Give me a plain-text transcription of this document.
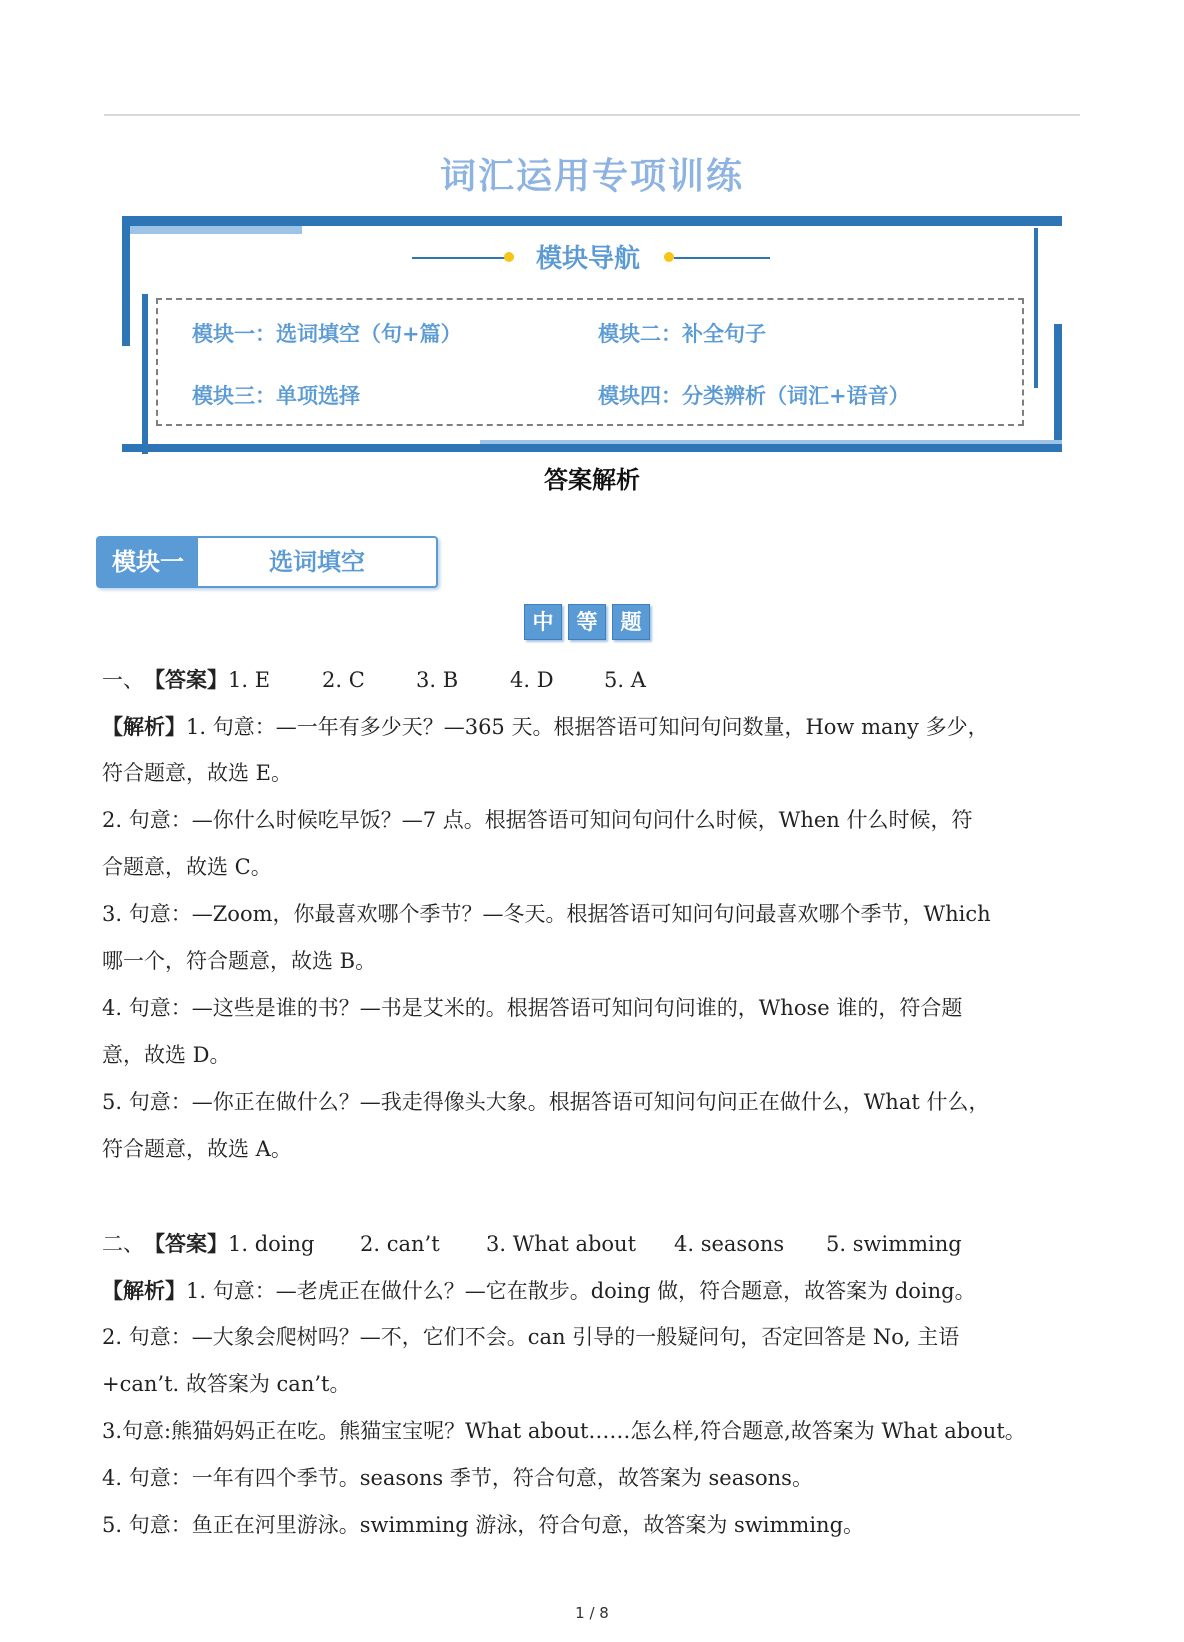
词汇运用专项训练
模块导航
模块一：选词填空（句+篇）	模块二：补全句子
模块三：单项选择	模块四：分类辨析（词汇+语音）
答案解析
模块一	选词填空
中	等	题
一、【答案】1. E 2. C 3. B 4. D 5. A
【解析】1. 句意：—一年有多少天？—365 天。根据答语可知问句问数量，How many 多少，
符合题意，故选 E。
2. 句意：—你什么时候吃早饭？—7 点。根据答语可知问句问什么时候，When 什么时候，符
合题意，故选 C。
3. 句意：—Zoom，你最喜欢哪个季节？—冬天。根据答语可知问句问最喜欢哪个季节，Which
哪一个，符合题意，故选 B。
4. 句意：—这些是谁的书？—书是艾米的。根据答语可知问句问谁的，Whose 谁的，符合题
意，故选 D。
5. 句意：—你正在做什么？—我走得像头大象。根据答语可知问句问正在做什么，What 什么，
符合题意，故选 A。
二、【答案】1. doing 2. can’t 3. What about 4. seasons 5. swimming
【解析】1. 句意：—老虎正在做什么？—它在散步。doing 做，符合题意，故答案为 doing。
2. 句意：—大象会爬树吗？—不，它们不会。can 引导的一般疑问句，否定回答是 No, 主语
+can’t. 故答案为 can’t。
3.句意:熊猫妈妈正在吃。熊猫宝宝呢？What about……怎么样,符合题意,故答案为 What about。
4. 句意：一年有四个季节。seasons 季节，符合句意，故答案为 seasons。
5. 句意：鱼正在河里游泳。swimming 游泳，符合句意，故答案为 swimming。
1 / 8
